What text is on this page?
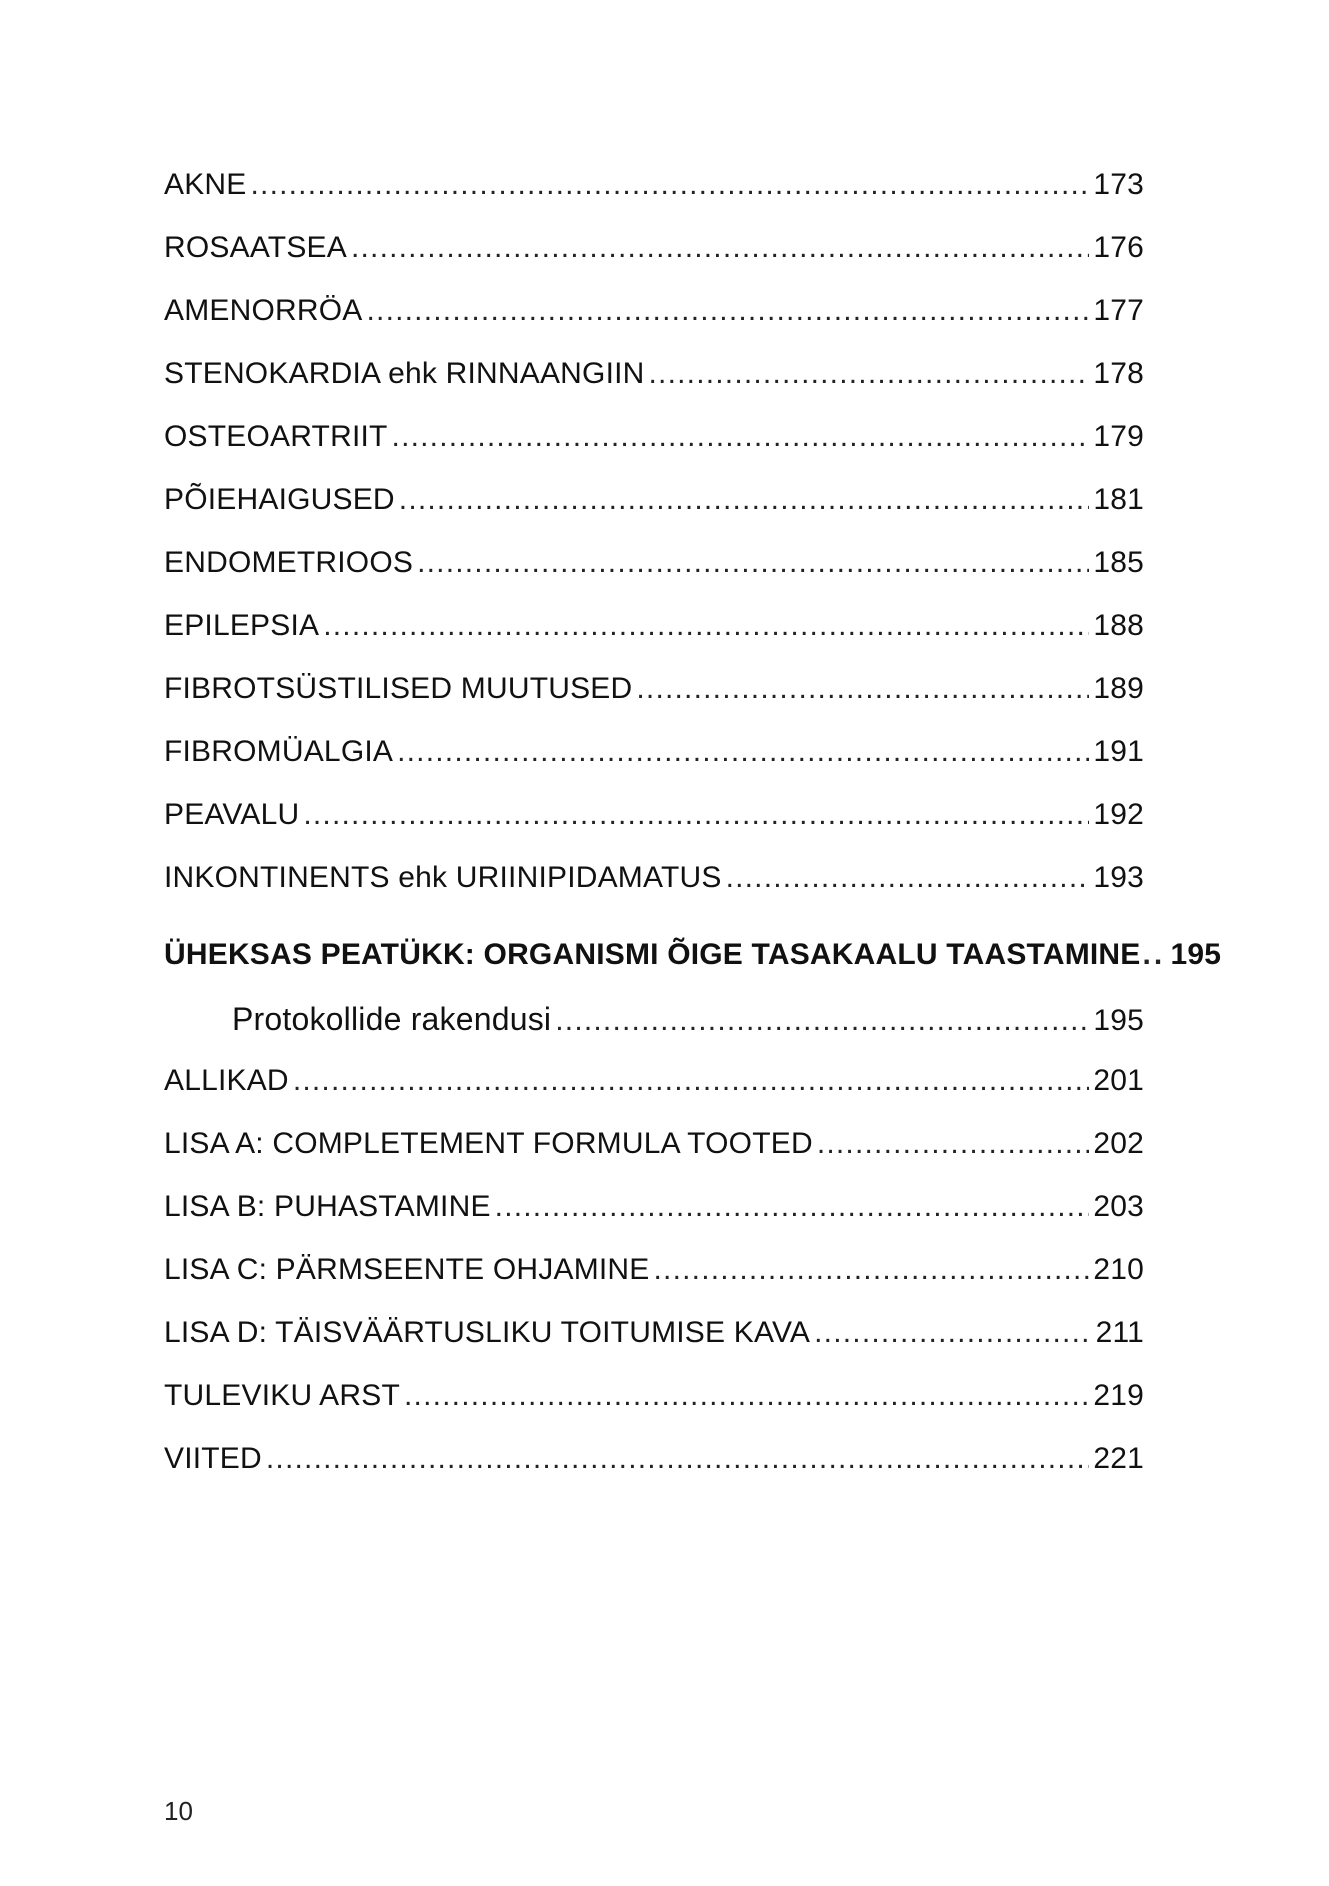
AKNE .....	173
ROSAATSEA .....	176
AMENORRÖA .....	177
STENOKARDIA ehk RINNAANGIIN .....	178
OSTEOARTRIIT .....	179
PÕIEHAIGUSED .....	181
ENDOMETRIOOS .....	185
EPILEPSIA .....	188
FIBROTSÜSTILISED MUUTUSED .....	189
FIBROMÜALGIA .....	191
PEAVALU .....	192
INKONTINENTS ehk URIINIPIDAMATUS .....	193
ÜHEKSAS PEATÜKK: ORGANISMI ÕIGE TASAKAALU TAASTAMINE .. 195
Protokollide rakendusi .....	195
ALLIKAD .....	201
LISA A: COMPLETEMENT FORMULA TOOTED .....	202
LISA B: PUHASTAMINE .....	203
LISA C: PÄRMSEENTE OHJAMINE .....	210
LISA D: TÄISVÄÄRTUSLIKU TOITUMISE KAVA .....	211
TULEVIKU ARST .....	219
VIITED .....	221
10
